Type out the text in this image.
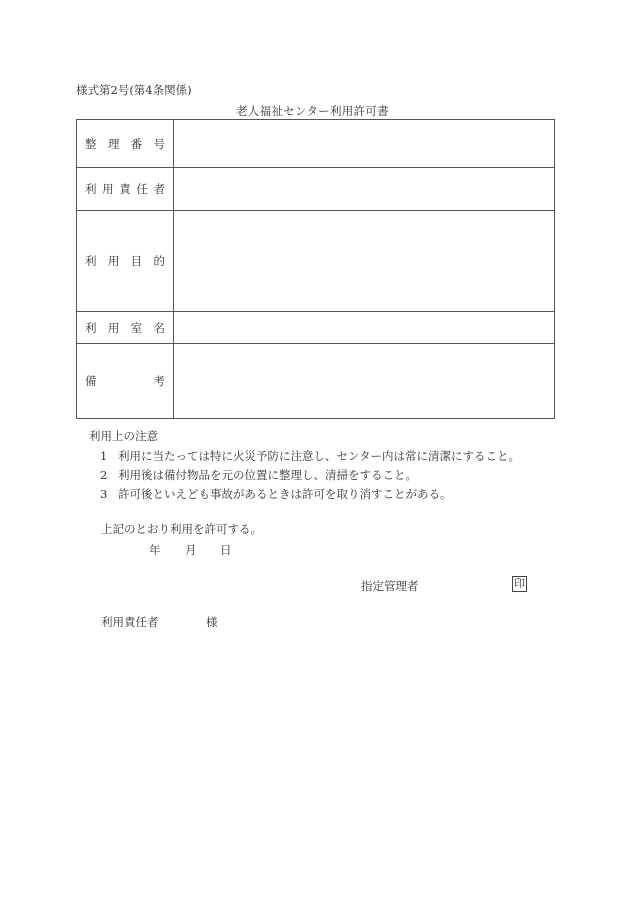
様式第2号(第4条関係)
老人福祉センター利用許可書
整 理 番 号	

利 用 責 任 者	

利 用 目 的	

利 用 室 名	

備 考	

利用上の注意
1 利用に当たっては特に火災予防に注意し、センター内は常に清潔にすること。
2 利用後は備付物品を元の位置に整理し、清掃をすること。
3 許可後といえども事故があるときは許可を取り消すことがある。
上記のとおり利用を許可する。
年 月 日
指定管理者	印
利用責任者	様
